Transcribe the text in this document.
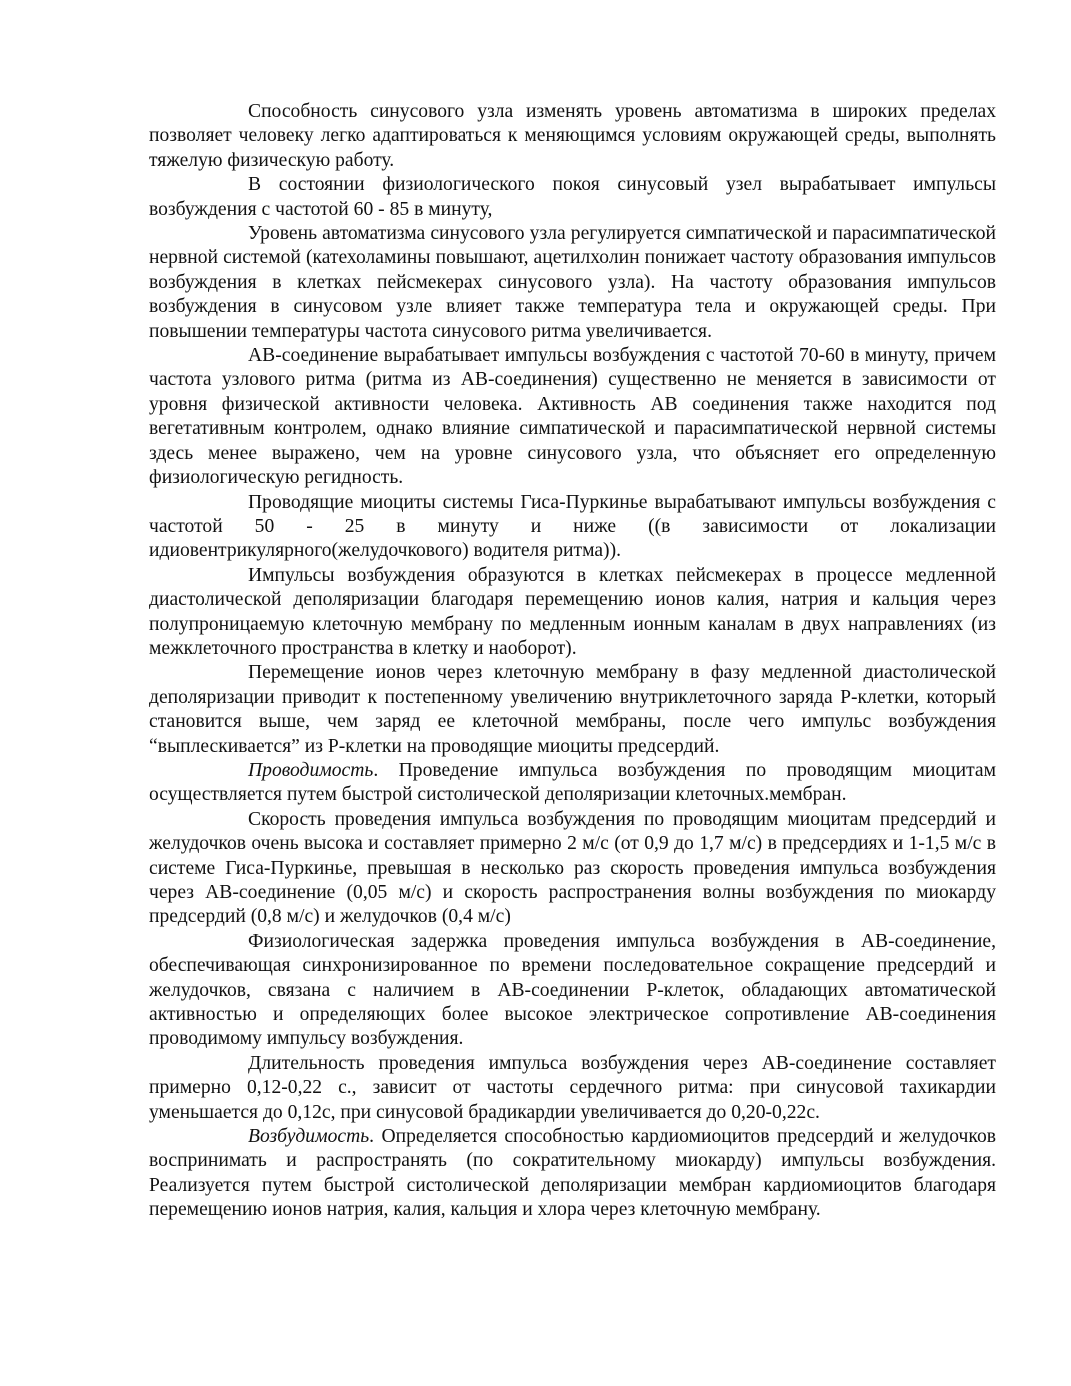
Способность синусового узла изменять уровень автоматизма в широких пределах позволяет человеку легко адаптироваться к меняющимся условиям окружающей среды, выполнять тяжелую физическую работу.

В состоянии физиологического покоя синусовый узел вырабатывает импульсы возбуждения с частотой 60 - 85 в минуту,

Уровень автоматизма синусового узла регулируется симпатической и парасимпатической нервной системой (катехоламины повышают, ацетилхолин понижает частоту образования импульсов возбуждения в клетках пейсмекерах синусового узла). На частоту образования импульсов возбуждения в синусовом узле влияет также температура тела и окружающей среды. При повышении температуры частота синусового ритма увеличивается.

АВ-соединение вырабатывает импульсы возбуждения с частотой 70-60 в минуту, причем частота узлового ритма (ритма из АВ-соединения) существенно не меняется в зависимости от уровня физической активности человека. Активность АВ соединения также находится под вегетативным контролем, однако влияние симпатической и парасимпатической нервной системы здесь менее выражено, чем на уровне синусового узла, что объясняет его определенную физиологическую регидность.

Проводящие миоциты системы Гиса-Пуркинье вырабатывают импульсы возбуждения с частотой 50 - 25 в минуту и ниже ((в зависимости от локализации идиовентрикулярного(желудочкового) водителя ритма)).

Импульсы возбуждения образуются в клетках пейсмекерах в процессе медленной диастолической деполяризации благодаря перемещению ионов калия, натрия и кальция через полупроницаемую клеточную мембрану по медленным ионным каналам в двух направлениях (из межклеточного пространства в клетку и наоборот).

Перемещение ионов через клеточную мембрану в фазу медленной диастолической деполяризации приводит к постепенному увеличению внутриклеточного заряда Р-клетки, который становится выше, чем заряд ее клеточной мембраны, после чего импульс возбуждения “выплескивается” из Р-клетки на проводящие миоциты предсердий.

Проводимость. Проведение импульса возбуждения по проводящим миоцитам осуществляется путем быстрой систолической деполяризации клеточных.мембран.

Скорость проведения импульса возбуждения по проводящим миоцитам предсердий и желудочков очень высока и составляет примерно 2 м/с (от 0,9 до 1,7 м/с) в предсердиях и 1-1,5 м/с в системе Гиса-Пуркинье, превышая в несколько раз скорость проведения импульса возбуждения через АВ-соединение (0,05 м/с) и скорость распространения волны возбуждения по миокарду предсердий (0,8 м/с) и желудочков (0,4 м/с)

Физиологическая задержка проведения импульса возбуждения в АВ-соединение, обеспечивающая синхронизированное по времени последовательное сокращение предсердий и желудочков, связана с наличием в АВ-соединении Р-клеток, обладающих автоматической активностью и определяющих более высокое электрическое сопротивление АВ-соединения проводимому импульсу возбуждения.

Длительность проведения импульса возбуждения через АВ-соединение составляет примерно 0,12-0,22 с., зависит от частоты сердечного ритма: при синусовой тахикардии уменьшается до 0,12с, при синусовой брадикардии увеличивается до 0,20-0,22с.

Возбудимость. Определяется способностью кардиомиоцитов предсердий и желудочков воспринимать и распространять (по сократительному миокарду) импульсы возбуждения. Реализуется путем быстрой систолической деполяризации мембран кардиомиоцитов благодаря перемещению ионов натрия, калия, кальция и хлора через клеточную мембрану.
